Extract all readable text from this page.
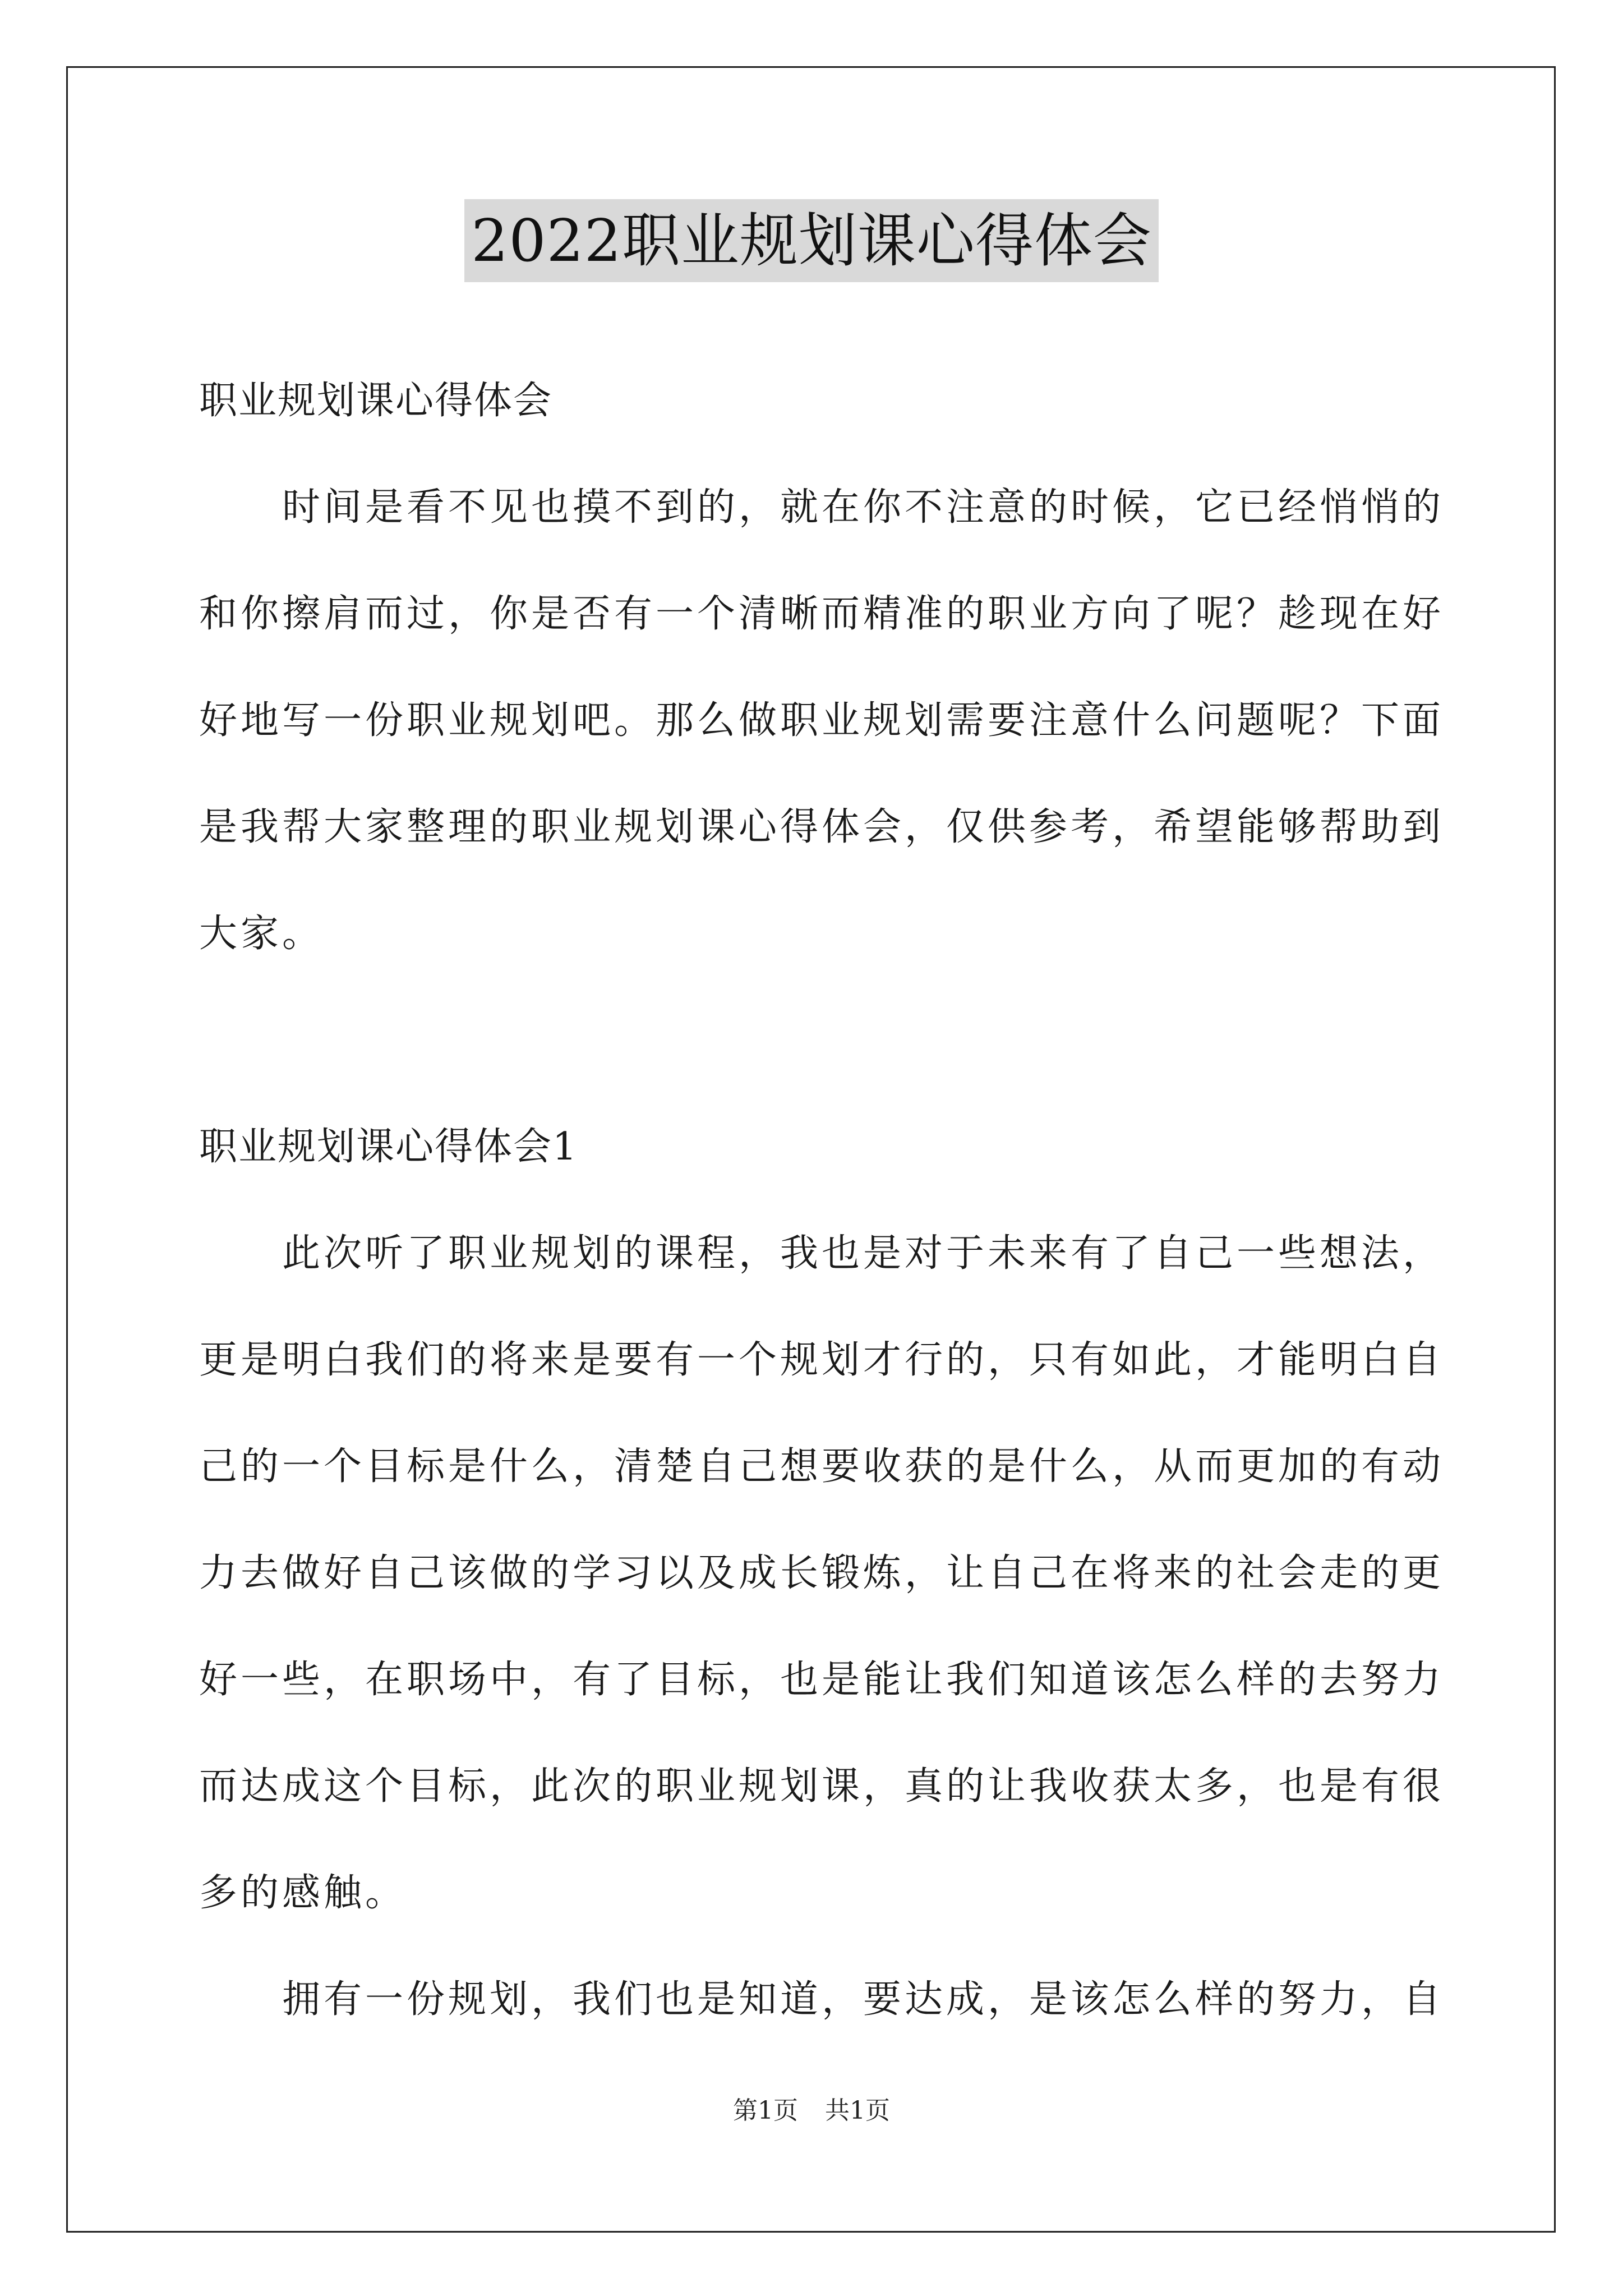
2022职业规划课心得体会
职业规划课心得体会
　　时间是看不见也摸不到的，就在你不注意的时候，它已经悄悄的
和你擦肩而过，你是否有一个清晰而精准的职业方向了呢？趁现在好
好地写一份职业规划吧。那么做职业规划需要注意什么问题呢？下面
是我帮大家整理的职业规划课心得体会，仅供参考，希望能够帮助到
大家。
职业规划课心得体会1
　　此次听了职业规划的课程，我也是对于未来有了自己一些想法，
更是明白我们的将来是要有一个规划才行的，只有如此，才能明白自
己的一个目标是什么，清楚自己想要收获的是什么，从而更加的有动
力去做好自己该做的学习以及成长锻炼，让自己在将来的社会走的更
好一些，在职场中，有了目标，也是能让我们知道该怎么样的去努力
而达成这个目标，此次的职业规划课，真的让我收获太多，也是有很
多的感触。
　　拥有一份规划，我们也是知道，要达成，是该怎么样的努力，自
第1页 共1页
